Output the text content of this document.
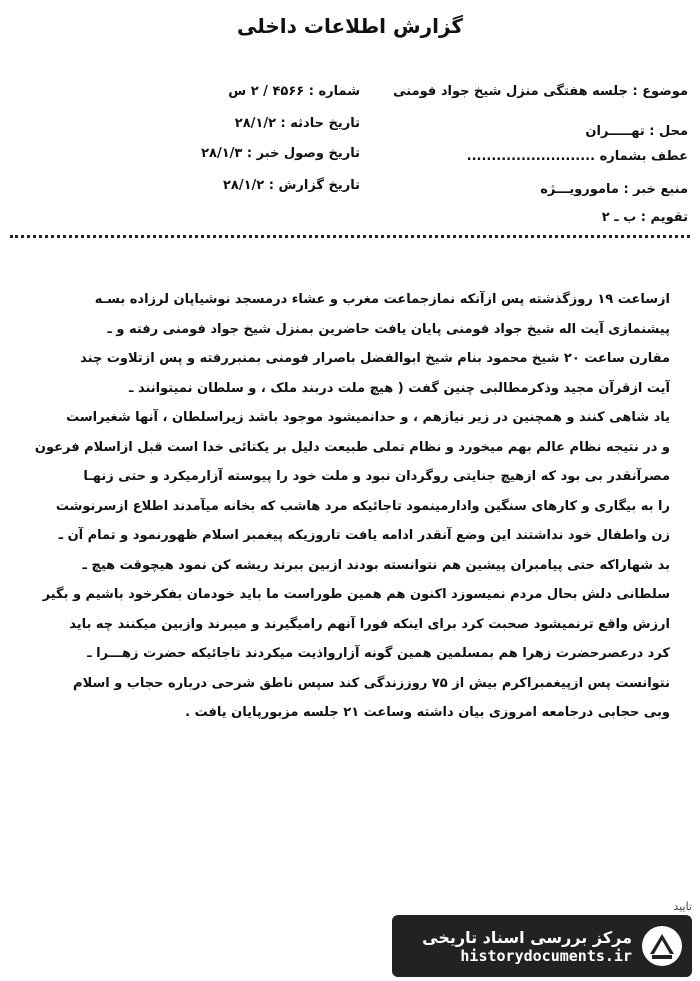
گزارش اطلاعات داخلی
موضوع : جلسه هفتگی منزل شیخ جواد فومنی
شماره : ۴۵۶۶ / ۲ س
محل : تهـــــران
تاریخ حادثه : ۲۸/۱/۲
عطف بشماره ..........................
تاریخ وصول خبر : ۲۸/۱/۳
منبع خبر : مامورویـــژه
تاریخ گزارش : ۲۸/۱/۲
تقویم : ب ـ ۲
ازساعت ۱۹ روزگذشته پس ازآنکه نمازجماعت مغرب و عشاء درمسجد نوشیاپان لرزاده بسـه
پیشنمازی آیت اله شیخ جواد فومنی پایان یافت حاضرین بمنزل شیخ جواد فومنی رفته و ـ
مقارن ساعت ۲۰ شیخ محمود بنام شیخ ابوالفضل باصرار فومنی بمنبررفته و پس ازتلاوت چند
آیت ازقرآن مجید وذکرمطالبی چنین گفت ( هیچ ملت دربند ملک ، و سلطان نمیتوانند ـ
یاد شاهی کنند و همچنین در زیر نیازهم ، و حدانمیشود موجود باشد زیراسلطان ، آنها شغیراست
و در نتیجه نظام عالم بهم میخورد و نظام تملی طبیعت دلیل بر یکتائی خدا است قبل ازاسلام فرعون
مصرآنقدر بی بود که ازهیچ جنایتی روگردان نبود و ملت خود را پیوسته آزارمیکرد و حتی زنهـا
را به بیگاری و کارهای سنگین وادارمینمود تاجائیکه مرد هاشب که بخانه میآمدند اطلاع ازسرنوشت
زن واطفال خود نداشتند این وضع آنقدر ادامه یافت تاروزیکه پیغمبر اسلام ظهورنمود و تمام آن ـ
بد شهاراکه حتی پیامبران پیشین هم نتوانسته بودند ازبین ببرند ریشه کن نمود هیچوقت هیچ ـ
سلطانی دلش بحال مردم نمیسوزد اکنون هم همین طوراست ما باید خودمان بفکرخود باشیم و بگیر
ارزش واقع ترنمیشود صحبت کرد برای اینکه فورا آنهم رامیگیرند و میبرند وازبین میکنند چه باید
کرد درعصرحضرت زهرا هم بمسلمین همین گونه آزارواذیت میکردند تاجائیکه حضرت زهـــرا ـ
نتوانست پس ازپیغمبراکرم بیش از ۷۵ روززندگی کند سپس ناطق شرحی درباره حجاب و اسلام
وبی حجابی درجامعه امروزی بیان داشته وساعت ۲۱ جلسه مزبورپایان یافت .
مرکز بررسی اسناد تاریخی
historydocuments.ir
تایید
